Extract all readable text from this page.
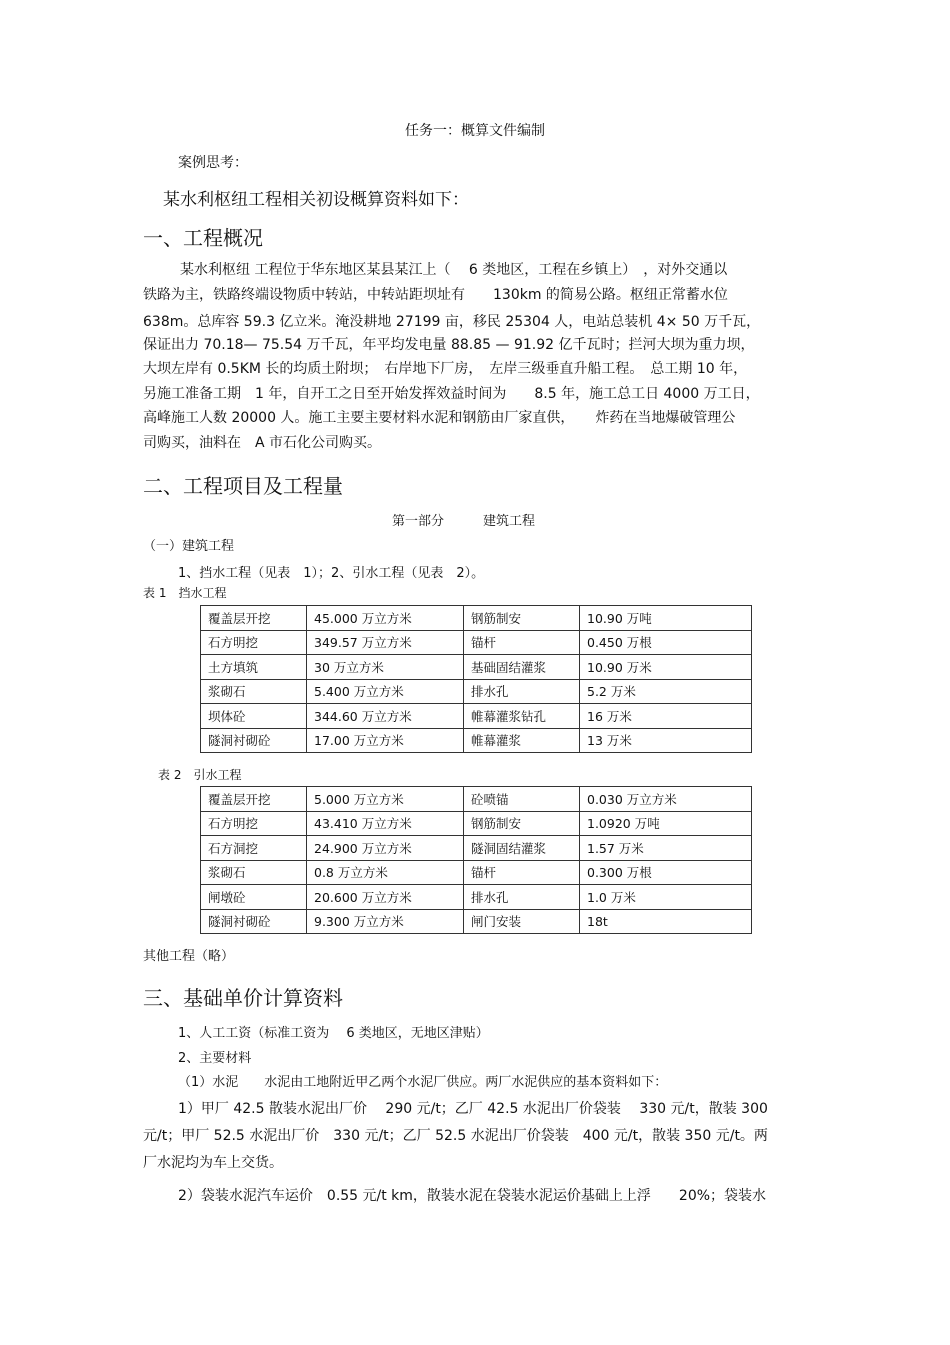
任务一：概算文件编制
案例思考：
某水利枢纽工程相关初设概算资料如下：
一、工程概况
某水利枢纽 工程位于华东地区某县某江上（　 6 类地区，工程在乡镇上）　，对外交通以
铁路为主，铁路终端设物质中转站，中转站距坝址有　　130km 的简易公路。枢纽正常蓄水位
638m。总库容 59.3 亿立米。淹没耕地 27199 亩，移民 25304 人，电站总装机 4× 50 万千瓦，
保证出力 70.18— 75.54 万千瓦，年平均发电量 88.85 — 91.92 亿千瓦时；拦河大坝为重力坝，
大坝左岸有 0.5KM 长的均质土附坝；　右岸地下厂房，　左岸三级垂直升船工程。　总工期 10 年，
另施工准备工期　1 年，自开工之日至开始发挥效益时间为　　8.5 年，施工总工日 4000 万工日，
高峰施工人数 20000 人。施工主要主要材料水泥和钢筋由厂家直供，　　炸药在当地爆破管理公
司购买，油料在　A 市石化公司购买。
二、工程项目及工程量
第一部分　　　建筑工程
（一）建筑工程
1、挡水工程（见表　1）；2、引水工程（见表　2）。
表 1　挡水工程
覆盖层开挖	45.000 万立方米	钢筋制安	10.90 万吨
石方明挖	349.57 万立方米	锚杆	0.450 万根
土方填筑	30 万立方米	基础固结灌浆	10.90 万米
浆砌石	5.400 万立方米	排水孔	5.2 万米
坝体砼	344.60 万立方米	帷幕灌浆钻孔	16 万米
隧洞衬砌砼	17.00 万立方米	帷幕灌浆	13 万米
表 2　引水工程
覆盖层开挖	5.000 万立方米	砼喷锚	0.030 万立方米
石方明挖	43.410 万立方米	钢筋制安	1.0920 万吨
石方洞挖	24.900 万立方米	隧洞固结灌浆	1.57 万米
浆砌石	0.8 万立方米	锚杆	0.300 万根
闸墩砼	20.600 万立方米	排水孔	1.0 万米
隧洞衬砌砼	9.300 万立方米	闸门安装	18t
其他工程（略）
三、基础单价计算资料
1、人工工资（标准工资为　 6 类地区，无地区津贴）
2、主要材料
（1）水泥　　水泥由工地附近甲乙两个水泥厂供应。两厂水泥供应的基本资料如下：
1）甲厂 42.5 散装水泥出厂价　 290 元/t；乙厂 42.5 水泥出厂价袋装　 330 元/t，散装 300
元/t；甲厂 52.5 水泥出厂价　330 元/t；乙厂 52.5 水泥出厂价袋装　400 元/t，散装 350 元/t。两
厂水泥均为车上交货。
2）袋装水泥汽车运价　0.55 元/t km，散装水泥在袋装水泥运价基础上上浮　　20%；袋装水
